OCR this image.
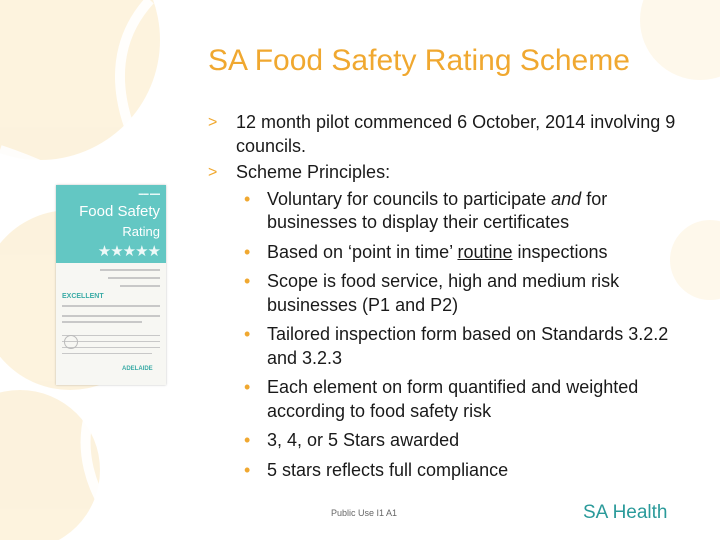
SA Food Safety Rating Scheme
▬▬ ▬▬
Food Safety
Rating
★★★★★
EXCELLENT
ADELAIDE
> 12 month pilot commenced 6 October, 2014 involving 9 councils.
> Scheme Principles:
• Voluntary for councils to participate and for businesses to display their certificates
• Based on ‘point in time’ routine inspections
• Scope is food service, high and medium risk businesses (P1 and P2)
• Tailored inspection form based on Standards 3.2.2 and 3.2.3
• Each element on form quantified and weighted according to food safety risk
• 3, 4, or 5 Stars awarded
• 5 stars reflects full compliance
Public Use I1 A1	SA Health
